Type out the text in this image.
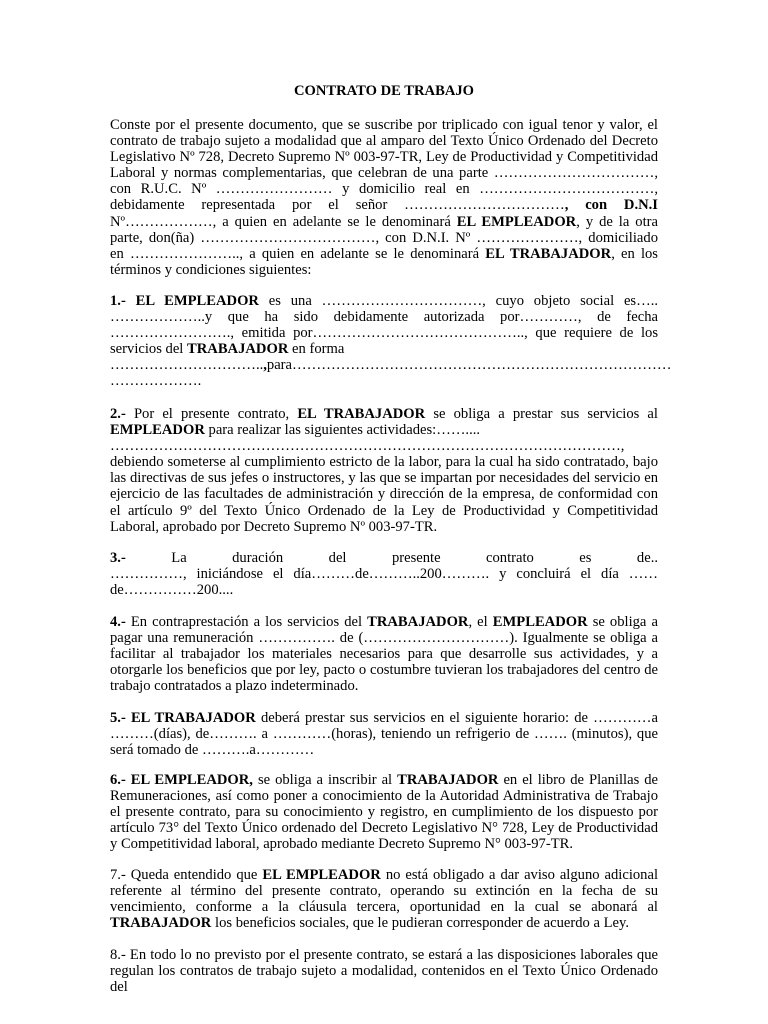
CONTRATO DE TRABAJO

Conste por el presente documento, que se suscribe por triplicado con igual tenor y valor, el contrato de trabajo sujeto a modalidad que al amparo del Texto Único Ordenado del Decreto Legislativo Nº 728, Decreto Supremo Nº 003-97-TR, Ley de Productividad y Competitividad Laboral y normas complementarias, que celebran de una parte ……………………………, con R.U.C. Nº …………………… y domicilio real en ………………………………, debidamente representada por el señor ……………………………, con D.N.I Nº………………, a quien en adelante se le denominará EL EMPLEADOR, y de la otra parte, don(ña) ………………………………, con D.N.I. Nº …………………, domiciliado en ………………….., a quien en adelante se le denominará EL TRABAJADOR, en los términos y condiciones siguientes:

1.- EL EMPLEADOR es una ……………………………, cuyo objeto social es….. ………………..y que ha sido debidamente autorizada por…………, de fecha ……………………., emitida por…………………………………….., que requiere de los servicios del TRABAJADOR en forma
…………………………..,para……………………………………………………………………
……………….

2.- Por el presente contrato, EL TRABAJADOR se obliga a prestar sus servicios al EMPLEADOR para realizar las siguientes actividades:……....
……………………………………………………………………………………………,
debiendo someterse al cumplimiento estricto de la labor, para la cual ha sido contratado, bajo las directivas de sus jefes o instructores, y las que se impartan por necesidades del servicio en ejercicio de las facultades de administración y dirección de la empresa, de conformidad con el artículo 9º del Texto Único Ordenado de la Ley de Productividad y Competitividad Laboral, aprobado por Decreto Supremo Nº 003-97-TR.

3.-	La duración del presente contrato es de..
……………, iniciándose el día………de………..200………. y concluirá el día …… de……………200....

4.- En contraprestación a los servicios del TRABAJADOR, el EMPLEADOR se obliga a pagar una remuneración ……………. de (…………………………). Igualmente se obliga a facilitar al trabajador los materiales necesarios para que desarrolle sus actividades, y a otorgarle los beneficios que por ley, pacto o costumbre tuvieran los trabajadores del centro de trabajo contratados a plazo indeterminado.

5.- EL TRABAJADOR deberá prestar sus servicios en el siguiente horario: de …………a ………(días), de………. a …………(horas), teniendo un refrigerio de ……. (minutos), que será tomado de ……….a…………

6.- EL EMPLEADOR, se obliga a inscribir al TRABAJADOR en el libro de Planillas de Remuneraciones, así como poner a conocimiento de la Autoridad Administrativa de Trabajo el presente contrato, para su conocimiento y registro, en cumplimiento de los dispuesto por artículo 73° del Texto Único ordenado del Decreto Legislativo N° 728, Ley de Productividad y Competitividad laboral, aprobado mediante Decreto Supremo N° 003-97-TR.

7.- Queda entendido que EL EMPLEADOR no está obligado a dar aviso alguno adicional referente al término del presente contrato, operando su extinción en la fecha de su vencimiento, conforme a la cláusula tercera, oportunidad en la cual se abonará al TRABAJADOR los beneficios sociales, que le pudieran corresponder de acuerdo a Ley.

8.- En todo lo no previsto por el presente contrato, se estará a las disposiciones laborales que regulan los contratos de trabajo sujeto a modalidad, contenidos en el Texto Único Ordenado del
